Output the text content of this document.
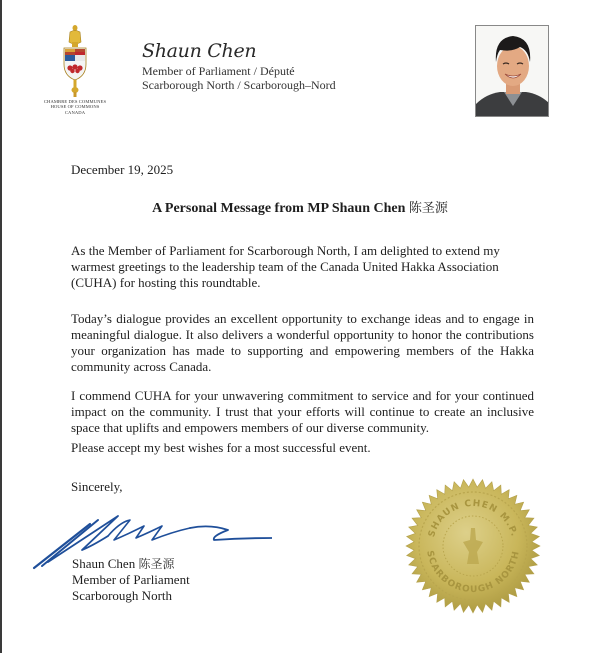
CHAMBRE DES COMMUNES
HOUSE OF COMMONS
CANADA
Shaun Chen
Member of Parliament / Député
Scarborough North / Scarborough–Nord
December 19, 2025
A Personal Message from MP Shaun Chen 陈圣源

As the Member of Parliament for Scarborough North, I am delighted to extend my warmest greetings to the leadership team of the Canada United Hakka Association (CUHA) for hosting this roundtable.

Today’s dialogue provides an excellent opportunity to exchange ideas and to engage in meaningful dialogue. It also delivers a wonderful opportunity to honor the contributions your organization has made to supporting and empowering members of the Hakka community across Canada.

I commend CUHA for your unwavering commitment to service and for your continued impact on the community. I trust that your efforts will continue to create an inclusive space that uplifts and empowers members of our diverse community.

Please accept my best wishes for a most successful event.

Sincerely,
Shaun Chen 陈圣源
Member of Parliament
Scarborough North
SHAUN CHEN M.P.
SCARBOROUGH NORTH
